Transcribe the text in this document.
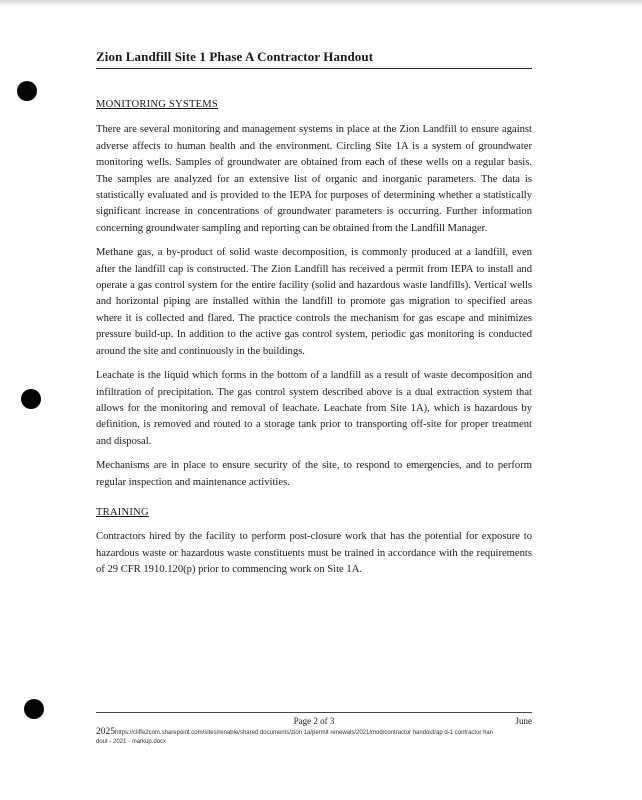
Zion Landfill Site 1 Phase A Contractor Handout
MONITORING SYSTEMS

There are several monitoring and management systems in place at the Zion Landfill to ensure against adverse affects to human health and the environment. Circling Site 1A is a system of groundwater monitoring wells. Samples of groundwater are obtained from each of these wells on a regular basis. The samples are analyzed for an extensive list of organic and inorganic parameters. The data is statistically evaluated and is provided to the IEPA for purposes of determining whether a statistically significant increase in concentrations of groundwater parameters is occurring. Further information concerning groundwater sampling and reporting can be obtained from the Landfill Manager.

Methane gas, a by-product of solid waste decomposition, is commonly produced at a landfill, even after the landfill cap is constructed. The Zion Landfill has received a permit from IEPA to install and operate a gas control system for the entire facility (solid and hazardous waste landfills). Vertical wells and horizontal piping are installed within the landfill to promote gas migration to specified areas where it is collected and flared. The practice controls the mechanism for gas escape and minimizes pressure build-up. In addition to the active gas control system, periodic gas monitoring is conducted around the site and continuously in the buildings.

Leachate is the liquid which forms in the bottom of a landfill as a result of waste decomposition and infiltration of precipitation. The gas control system described above is a dual extraction system that allows for the monitoring and removal of leachate. Leachate from Site 1A), which is hazardous by definition, is removed and routed to a storage tank prior to transporting off-site for proper treatment and disposal.

Mechanisms are in place to ensure security of the site, to respond to emergencies, and to perform regular inspection and maintenance activities.

TRAINING

Contractors hired by the facility to perform post-closure work that has the potential for exposure to hazardous waste or hazardous waste constituents must be trained in accordance with the requirements of 29 CFR 1910.120(p) prior to commencing work on Site 1A.

Page 2 of 3	June
2025https://cliffe2com.sharepoint.com/sites/renable/shared documents/zion 1a/permit renewals/2021/mod/contractor handout/ap d-1 contractor handout - 2021 - markup.docx
